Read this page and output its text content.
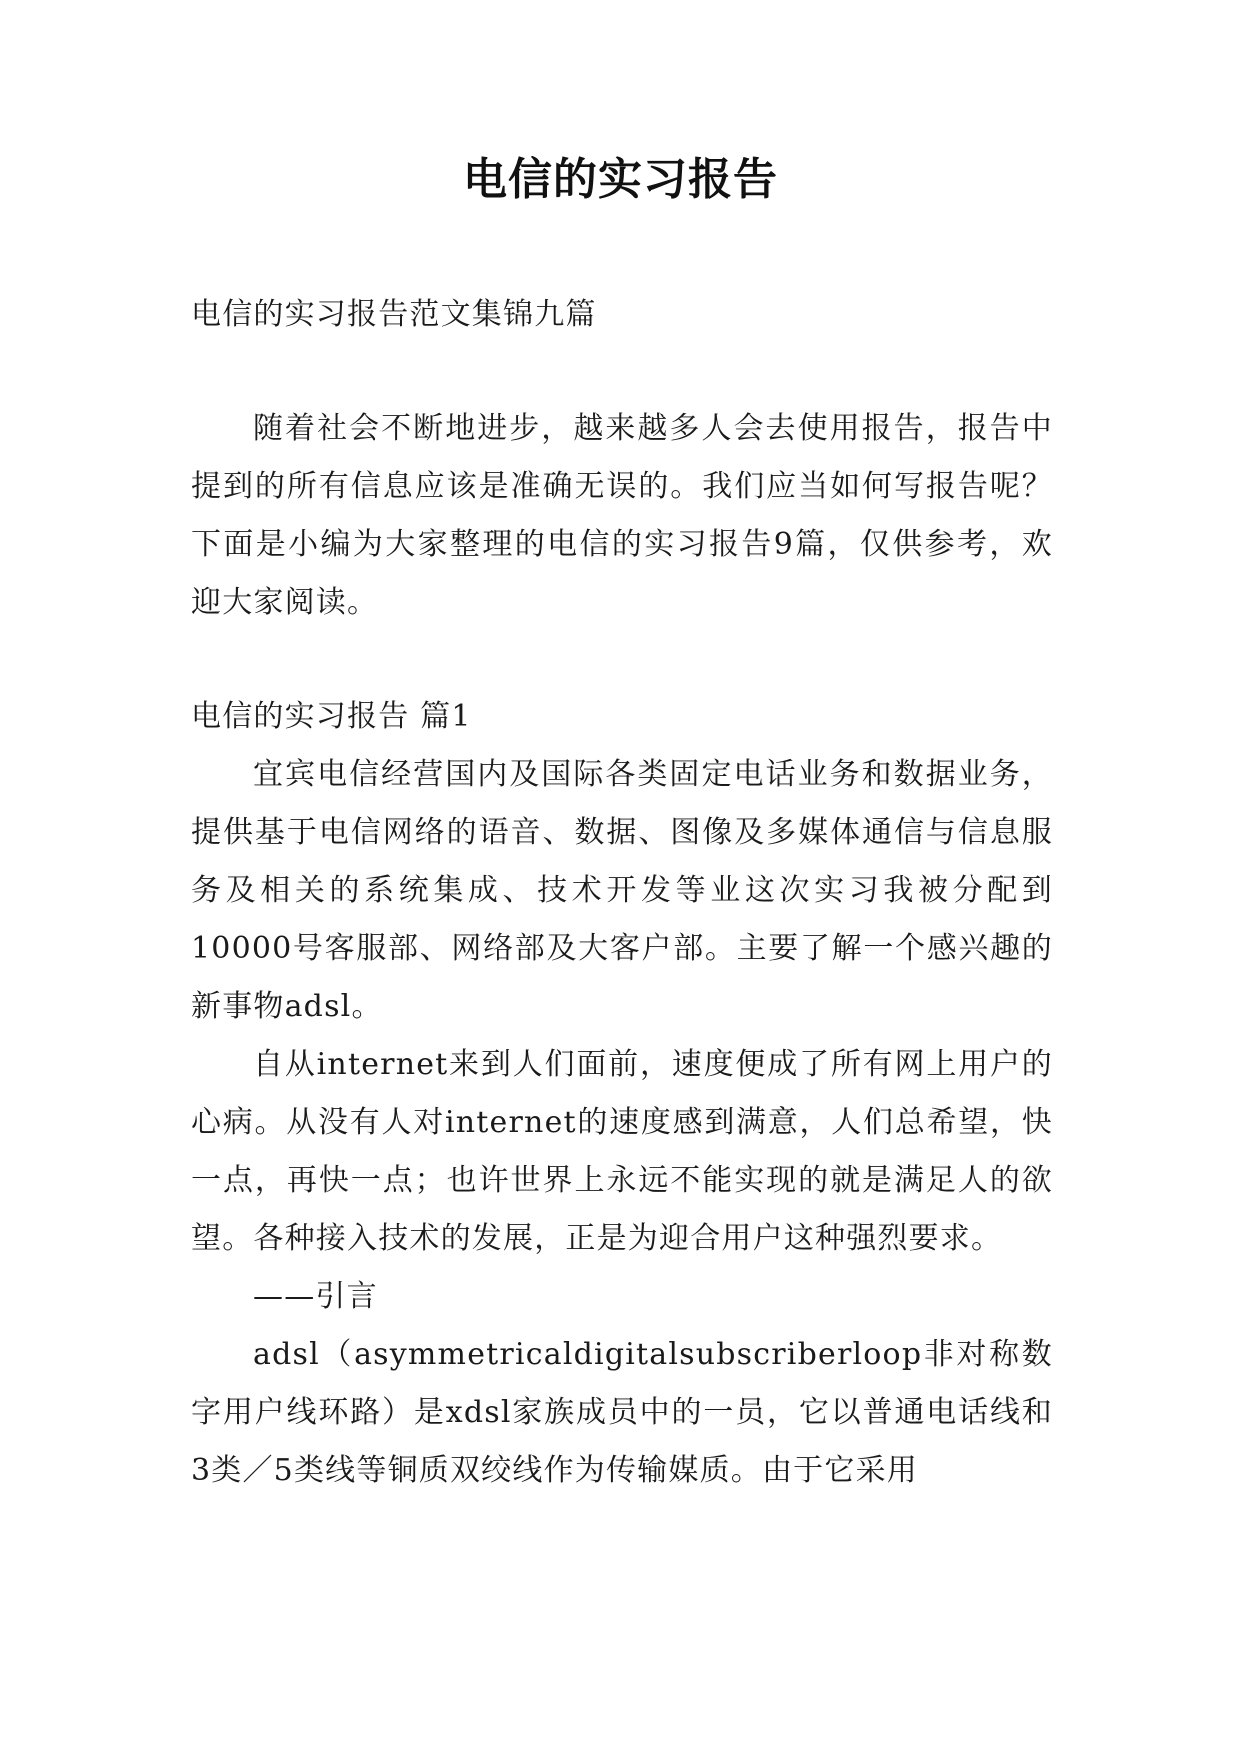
电信的实习报告

电信的实习报告范文集锦九篇

随着社会不断地进步，越来越多人会去使用报告，报告中提到的所有信息应该是准确无误的。我们应当如何写报告呢？下面是小编为大家整理的电信的实习报告9篇，仅供参考，欢迎大家阅读。

电信的实习报告 篇1

宜宾电信经营国内及国际各类固定电话业务和数据业务，提供基于电信网络的语音、数据、图像及多媒体通信与信息服务及相关的系统集成、技术开发等业这次实习我被分配到10000号客服部、网络部及大客户部。主要了解一个感兴趣的新事物adsl。

自从internet来到人们面前，速度便成了所有网上用户的心病。从没有人对internet的速度感到满意，人们总希望，快一点，再快一点；也许世界上永远不能实现的就是满足人的欲望。各种接入技术的发展，正是为迎合用户这种强烈要求。

——引言

adsl（asymmetricaldigitalsubscriberloop非对称数字用户线环路）是xdsl家族成员中的一员，它以普通电话线和3类／5类线等铜质双绞线作为传输媒质。由于它采用
